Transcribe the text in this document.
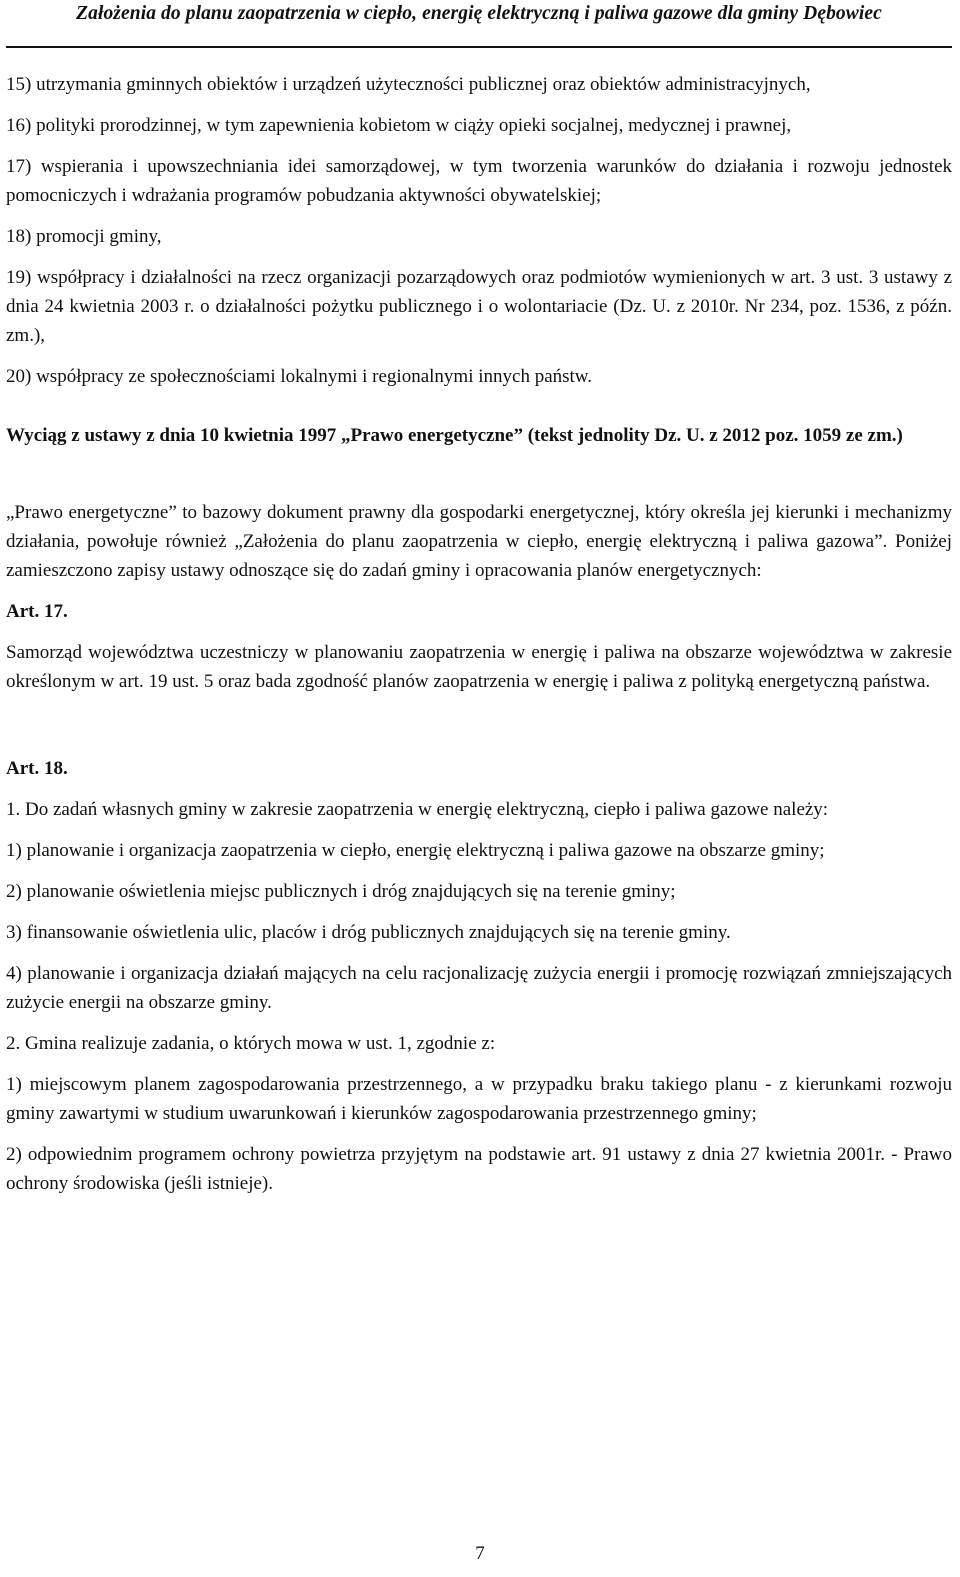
Założenia do planu zaopatrzenia w ciepło, energię elektryczną i paliwa gazowe dla gminy Dębowiec

15) utrzymania gminnych obiektów i urządzeń użyteczności publicznej oraz obiektów administracyjnych,

16) polityki prorodzinnej, w tym zapewnienia kobietom w ciąży opieki socjalnej, medycznej i prawnej,

17) wspierania i upowszechniania idei samorządowej, w tym tworzenia warunków do działania i rozwoju jednostek pomocniczych i wdrażania programów pobudzania aktywności obywatelskiej;

18) promocji gminy,

19) współpracy i działalności na rzecz organizacji pozarządowych oraz podmiotów wymienionych w art. 3 ust. 3 ustawy z dnia 24 kwietnia 2003 r. o działalności pożytku publicznego i o wolontariacie (Dz. U. z 2010r. Nr 234, poz. 1536, z późn. zm.),

20) współpracy ze społecznościami lokalnymi i regionalnymi innych państw.

Wyciąg z ustawy z dnia 10 kwietnia 1997 „Prawo energetyczne” (tekst jednolity Dz. U. z 2012 poz. 1059 ze zm.)

„Prawo energetyczne” to bazowy dokument prawny dla gospodarki energetycznej, który określa jej kierunki i mechanizmy działania, powołuje również „Założenia do planu zaopatrzenia w ciepło, energię elektryczną i paliwa gazowa”. Poniżej zamieszczono zapisy ustawy odnoszące się do zadań gminy i opracowania planów energetycznych:

Art. 17.

Samorząd województwa uczestniczy w planowaniu zaopatrzenia w energię i paliwa na obszarze województwa w zakresie określonym w art. 19 ust. 5 oraz bada zgodność planów zaopatrzenia w energię i paliwa z polityką energetyczną państwa.

Art. 18.

1. Do zadań własnych gminy w zakresie zaopatrzenia w energię elektryczną, ciepło i paliwa gazowe należy:

1) planowanie i organizacja zaopatrzenia w ciepło, energię elektryczną i paliwa gazowe na obszarze gminy;

2) planowanie oświetlenia miejsc publicznych i dróg znajdujących się na terenie gminy;

3) finansowanie oświetlenia ulic, placów i dróg publicznych znajdujących się na terenie gminy.

4) planowanie i organizacja działań mających na celu racjonalizację zużycia energii i promocję rozwiązań zmniejszających zużycie energii na obszarze gminy.

2. Gmina realizuje zadania, o których mowa w ust. 1, zgodnie z:

1) miejscowym planem zagospodarowania przestrzennego, a w przypadku braku takiego planu - z kierunkami rozwoju gminy zawartymi w studium uwarunkowań i kierunków zagospodarowania przestrzennego gminy;

2) odpowiednim programem ochrony powietrza przyjętym na podstawie art. 91 ustawy z dnia 27 kwietnia 2001r. - Prawo ochrony środowiska (jeśli istnieje).

7
